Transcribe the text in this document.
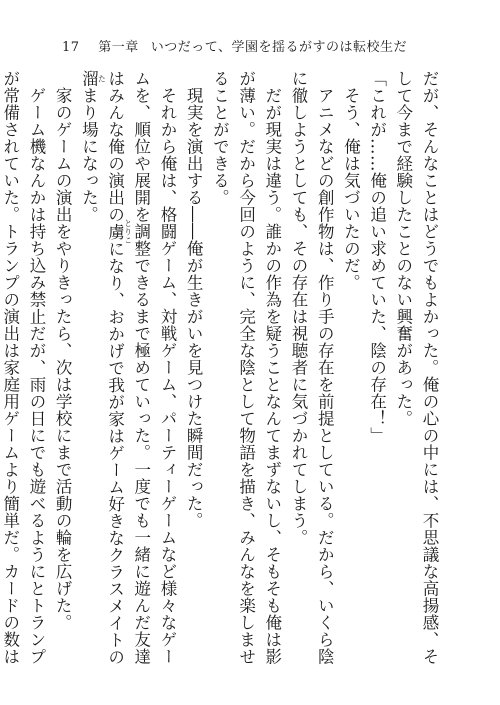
17 第一章 いつだって、学園を揺るがすのは転校生だ

だが、そんなことはどうでもよかった。俺の心の中には、不思議な高揚感、そして今まで経験したことのない興奮があった。

「これが……俺の追い求めていた、陰の存在！」

そう、俺は気づいたのだ。

アニメなどの創作物は、作り手の存在を前提としている。だから、いくら陰に徹しようとしても、その存在は視聴者に気づかれてしまう。

だが現実は違う。誰かの作為を疑うことなんてまずないし、そもそも俺は影が薄い。だから今回のように、完全な陰として物語を描き、みんなを楽しませることができる。

現実を演出する――俺が生きがいを見つけた瞬間だった。

それから俺は、格闘ゲーム、対戦ゲーム、パーティーゲームなど様々なゲームを、順位や展開を調整できるまで極めていった。一度でも一緒に遊んだ友達はみんな俺の演出の虜 とりこになり、おかげで我が家はゲーム好きなクラスメイトの溜 たまり場になった。

家のゲームの演出をやりきったら、次は学校にまで活動の輪を広げた。

ゲーム機なんかは持ち込み禁止だが、雨の日にでも遊べるようにとトランプが常備されていた。トランプの演出は家庭用ゲームより簡単だ。カードの数は
